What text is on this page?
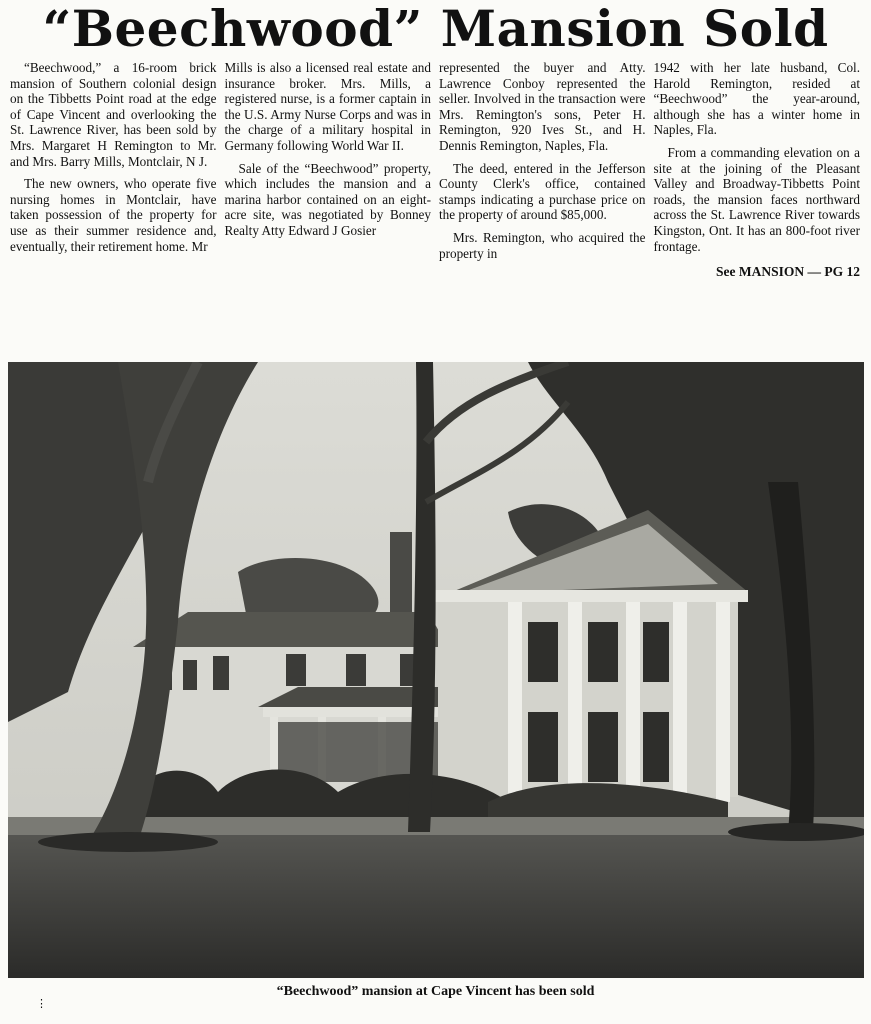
“Beechwood” Mansion Sold

“Beechwood,” a 16-room brick mansion of Southern colonial design on the Tibbetts Point road at the edge of Cape Vincent and overlooking the St. Lawrence River, has been sold by Mrs. Margaret H Remington to Mr. and Mrs. Barry Mills, Montclair, N J.

The new owners, who operate five nursing homes in Montclair, have taken possession of the property for use as their summer residence and, eventually, their retirement home. Mr

Mills is also a licensed real estate and insurance broker. Mrs. Mills, a registered nurse, is a former captain in the U.S. Army Nurse Corps and was in the charge of a military hospital in Germany following World War II.

Sale of the “Beechwood” property, which includes the mansion and a marina harbor contained on an eight-acre site, was negotiated by Bonney Realty Atty Edward J Gosier

represented the buyer and Atty. Lawrence Conboy represented the seller. Involved in the transaction were Mrs. Remington's sons, Peter H. Remington, 920 Ives St., and H. Dennis Remington, Naples, Fla.

The deed, entered in the Jefferson County Clerk's office, contained stamps indicating a purchase price on the property of around $85,000.

Mrs. Remington, who acquired the property in

1942 with her late husband, Col. Harold Remington, resided at “Beechwood” the year-around, although she has a winter home in Naples, Fla.

From a commanding elevation on a site at the joining of the Pleasant Valley and Broadway-Tibbetts Point roads, the mansion faces northward across the St. Lawrence River towards Kingston, Ont. It has an 800-foot river frontage.

See MANSION — PG 12
“Beechwood” mansion at Cape Vincent has been sold
⋮
